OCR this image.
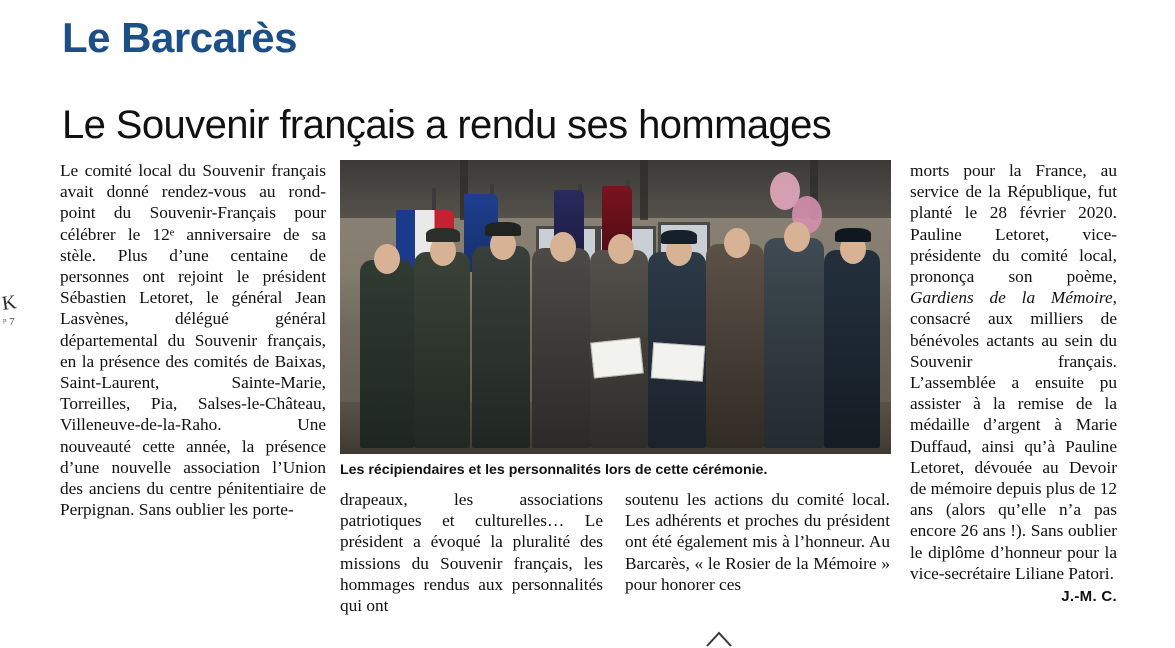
Le Barcarès
Le Souvenir français a rendu ses hommages
K
ᵖ 7

Le comité local du Souvenir français avait donné rendez-vous au rond-point du Souvenir-Français pour célébrer le 12ᵉ anniversaire de sa stèle. Plus d’une centaine de personnes ont rejoint le président Sébastien Letoret, le général Jean Lasvènes, délégué général départemental du Souvenir français, en la présence des comités de Baixas, Saint-Laurent, Sainte-Marie, Torreilles, Pia, Salses-le-Château, Villeneuve-de-la-Raho. Une nouveauté cette année, la présence d’une nouvelle association l’Union des anciens du centre pénitentiaire de Perpignan. Sans oublier les porte-

Les récipiendaires et les personnalités lors de cette cérémonie.

drapeaux, les associations patriotiques et culturelles… Le président a évoqué la pluralité des missions du Souvenir français, les hommages rendus aux personnalités qui ont

soutenu les actions du comité local. Les adhérents et proches du président ont été également mis à l’honneur. Au Barcarès, « le Rosier de la Mémoire » pour honorer ces

morts pour la France, au service de la République, fut planté le 28 février 2020. Pauline Letoret, vice-présidente du comité local, prononça son poème, Gardiens de la Mémoire, consacré aux milliers de bénévoles actants au sein du Souvenir français. L’assemblée a ensuite pu assister à la remise de la médaille d’argent à Marie Duffaud, ainsi qu’à Pauline Letoret, dévouée au Devoir de mémoire depuis plus de 12 ans (alors qu’elle n’a pas encore 26 ans !). Sans oublier le diplôme d’honneur pour la vice-secrétaire Liliane Patori.

J.-M. C.
